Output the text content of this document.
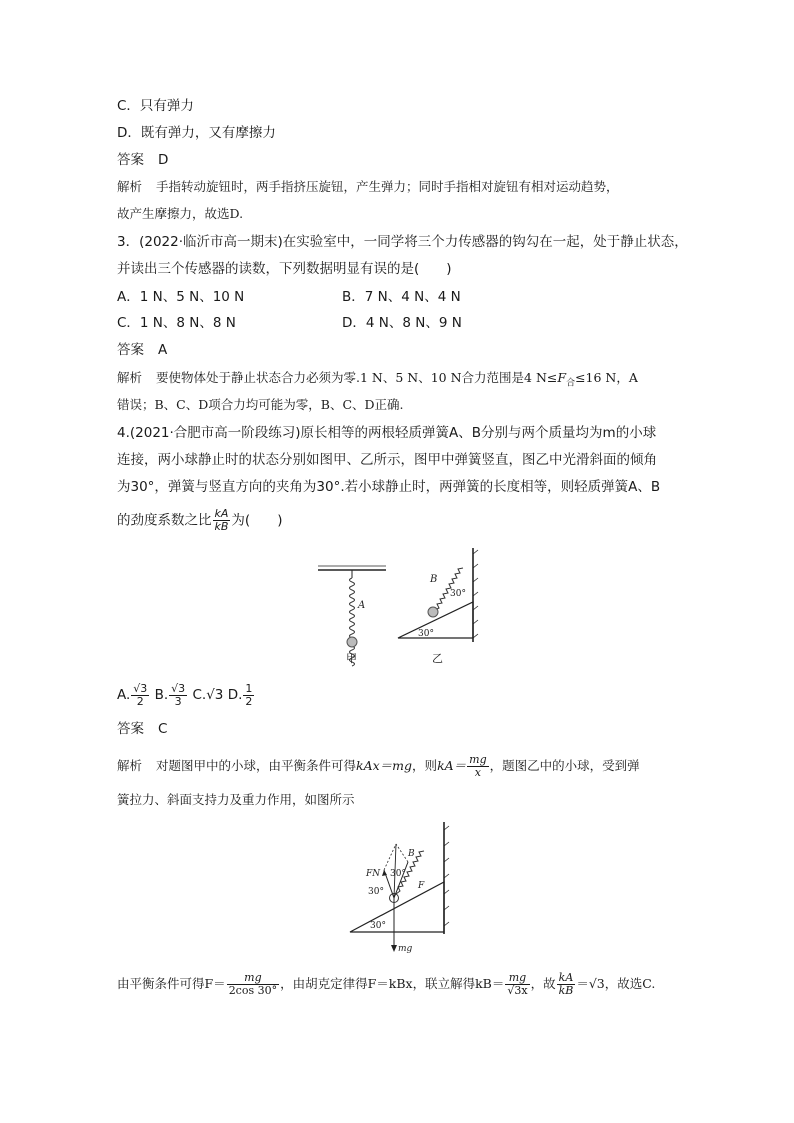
C．只有弹力
D．既有弹力，又有摩擦力
答案 D
解析 手指转动旋钮时，两手指挤压旋钮，产生弹力；同时手指相对旋钮有相对运动趋势，
故产生摩擦力，故选D.
3．(2022·临沂市高一期末)在实验室中，一同学将三个力传感器的钩勾在一起，处于静止状态，
并读出三个传感器的读数，下列数据明显有误的是(　　)
A．1 N、5 N、10 N	B．7 N、4 N、4 N
C．1 N、8 N、8 N	D．4 N、8 N、9 N
答案 A
解析 要使物体处于静止状态合力必须为零.1 N、5 N、10 N合力范围是4 $N\le F_合\le 16$ N，A
错误；B、C、D项合力均可能为零，B、C、D正确.
4.(2021·合肥市高一阶段练习)原长相等的两根轻质弹簧A、B分别与两个质量均为m的小球
连接，两小球静止时的状态分别如图甲、乙所示，图甲中弹簧竖直，图乙中光滑斜面的倾角
为30°，弹簧与竖直方向的夹角为30°.若小球静止时，两弹簧的长度相等，则轻质弹簧A、B
的劲度系数之比 $\frac{kA}{kB}$ 为(　　)
A
甲
B
30°
30°
乙
A. $\frac{√3}{2} B$. $\frac{√3}{3} C.√3$ D. $\frac{1}{2}$
答案 C
解析 对题图甲中的小球，由平衡条件可得kAx＝mg，则$kA= \frac{mg}{x}$ ，题图乙中的小球，受到弹
簧拉力、斜面支持力及重力作用，如图所示
FN
B
30°
30°
F
30°
mg
由平衡条件可得$F= \frac{mg}{2\cos 30^\circ}$ ，由胡克定律得F＝kBx，联立解得$kB= \frac{mg}{√3x}$ ，故 $\frac{kA}{kB} =√3$，故选C.
